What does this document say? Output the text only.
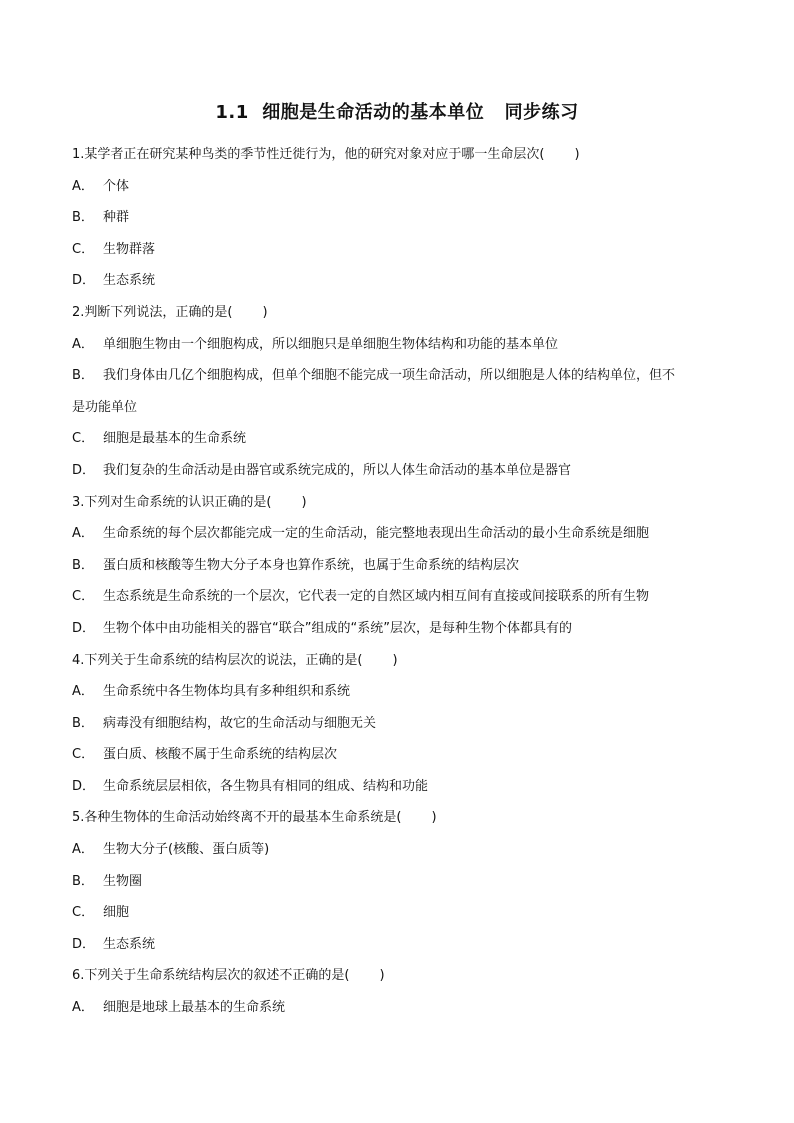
1.1  细胞是生命活动的基本单位   同步练习
1.某学者正在研究某种鸟类的季节性迁徙行为，他的研究对象对应于哪一生命层次( )
A． 个体
B． 种群
C． 生物群落
D． 生态系统
2.判断下列说法，正确的是( )
A． 单细胞生物由一个细胞构成，所以细胞只是单细胞生物体结构和功能的基本单位
B． 我们身体由几亿个细胞构成，但单个细胞不能完成一项生命活动，所以细胞是人体的结构单位，但不
是功能单位
C． 细胞是最基本的生命系统
D． 我们复杂的生命活动是由器官或系统完成的，所以人体生命活动的基本单位是器官
3.下列对生命系统的认识正确的是( )
A． 生命系统的每个层次都能完成一定的生命活动，能完整地表现出生命活动的最小生命系统是细胞
B． 蛋白质和核酸等生物大分子本身也算作系统，也属于生命系统的结构层次
C． 生态系统是生命系统的一个层次，它代表一定的自然区域内相互间有直接或间接联系的所有生物
D． 生物个体中由功能相关的器官“联合”组成的“系统”层次，是每种生物个体都具有的
4.下列关于生命系统的结构层次的说法，正确的是( )
A． 生命系统中各生物体均具有多种组织和系统
B． 病毒没有细胞结构，故它的生命活动与细胞无关
C． 蛋白质、核酸不属于生命系统的结构层次
D． 生命系统层层相依，各生物具有相同的组成、结构和功能
5.各种生物体的生命活动始终离不开的最基本生命系统是( )
A． 生物大分子(核酸、蛋白质等)
B． 生物圈
C． 细胞
D． 生态系统
6.下列关于生命系统结构层次的叙述不正确的是( )
A． 细胞是地球上最基本的生命系统
